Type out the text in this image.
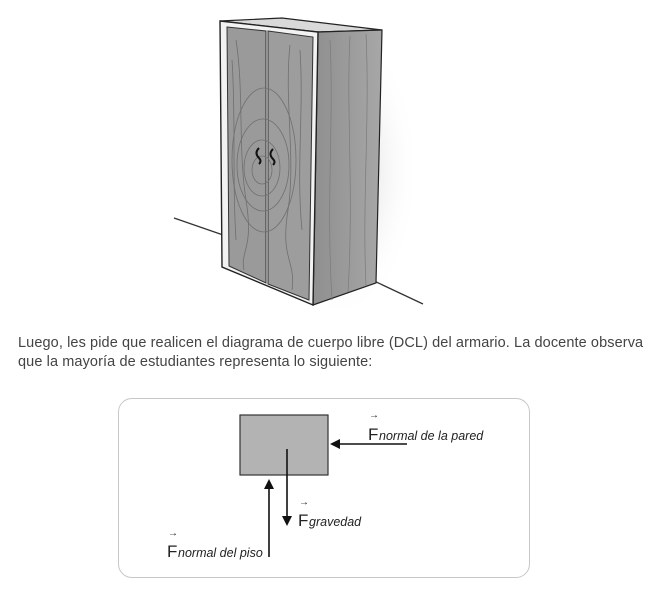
Luego, les pide que realicen el diagrama de cuerpo libre (DCL) del armario. La docente observa
que la mayoría de estudiantes representa lo siguiente:
→
F normal de la pared
→
F gravedad
→
F normal del piso
